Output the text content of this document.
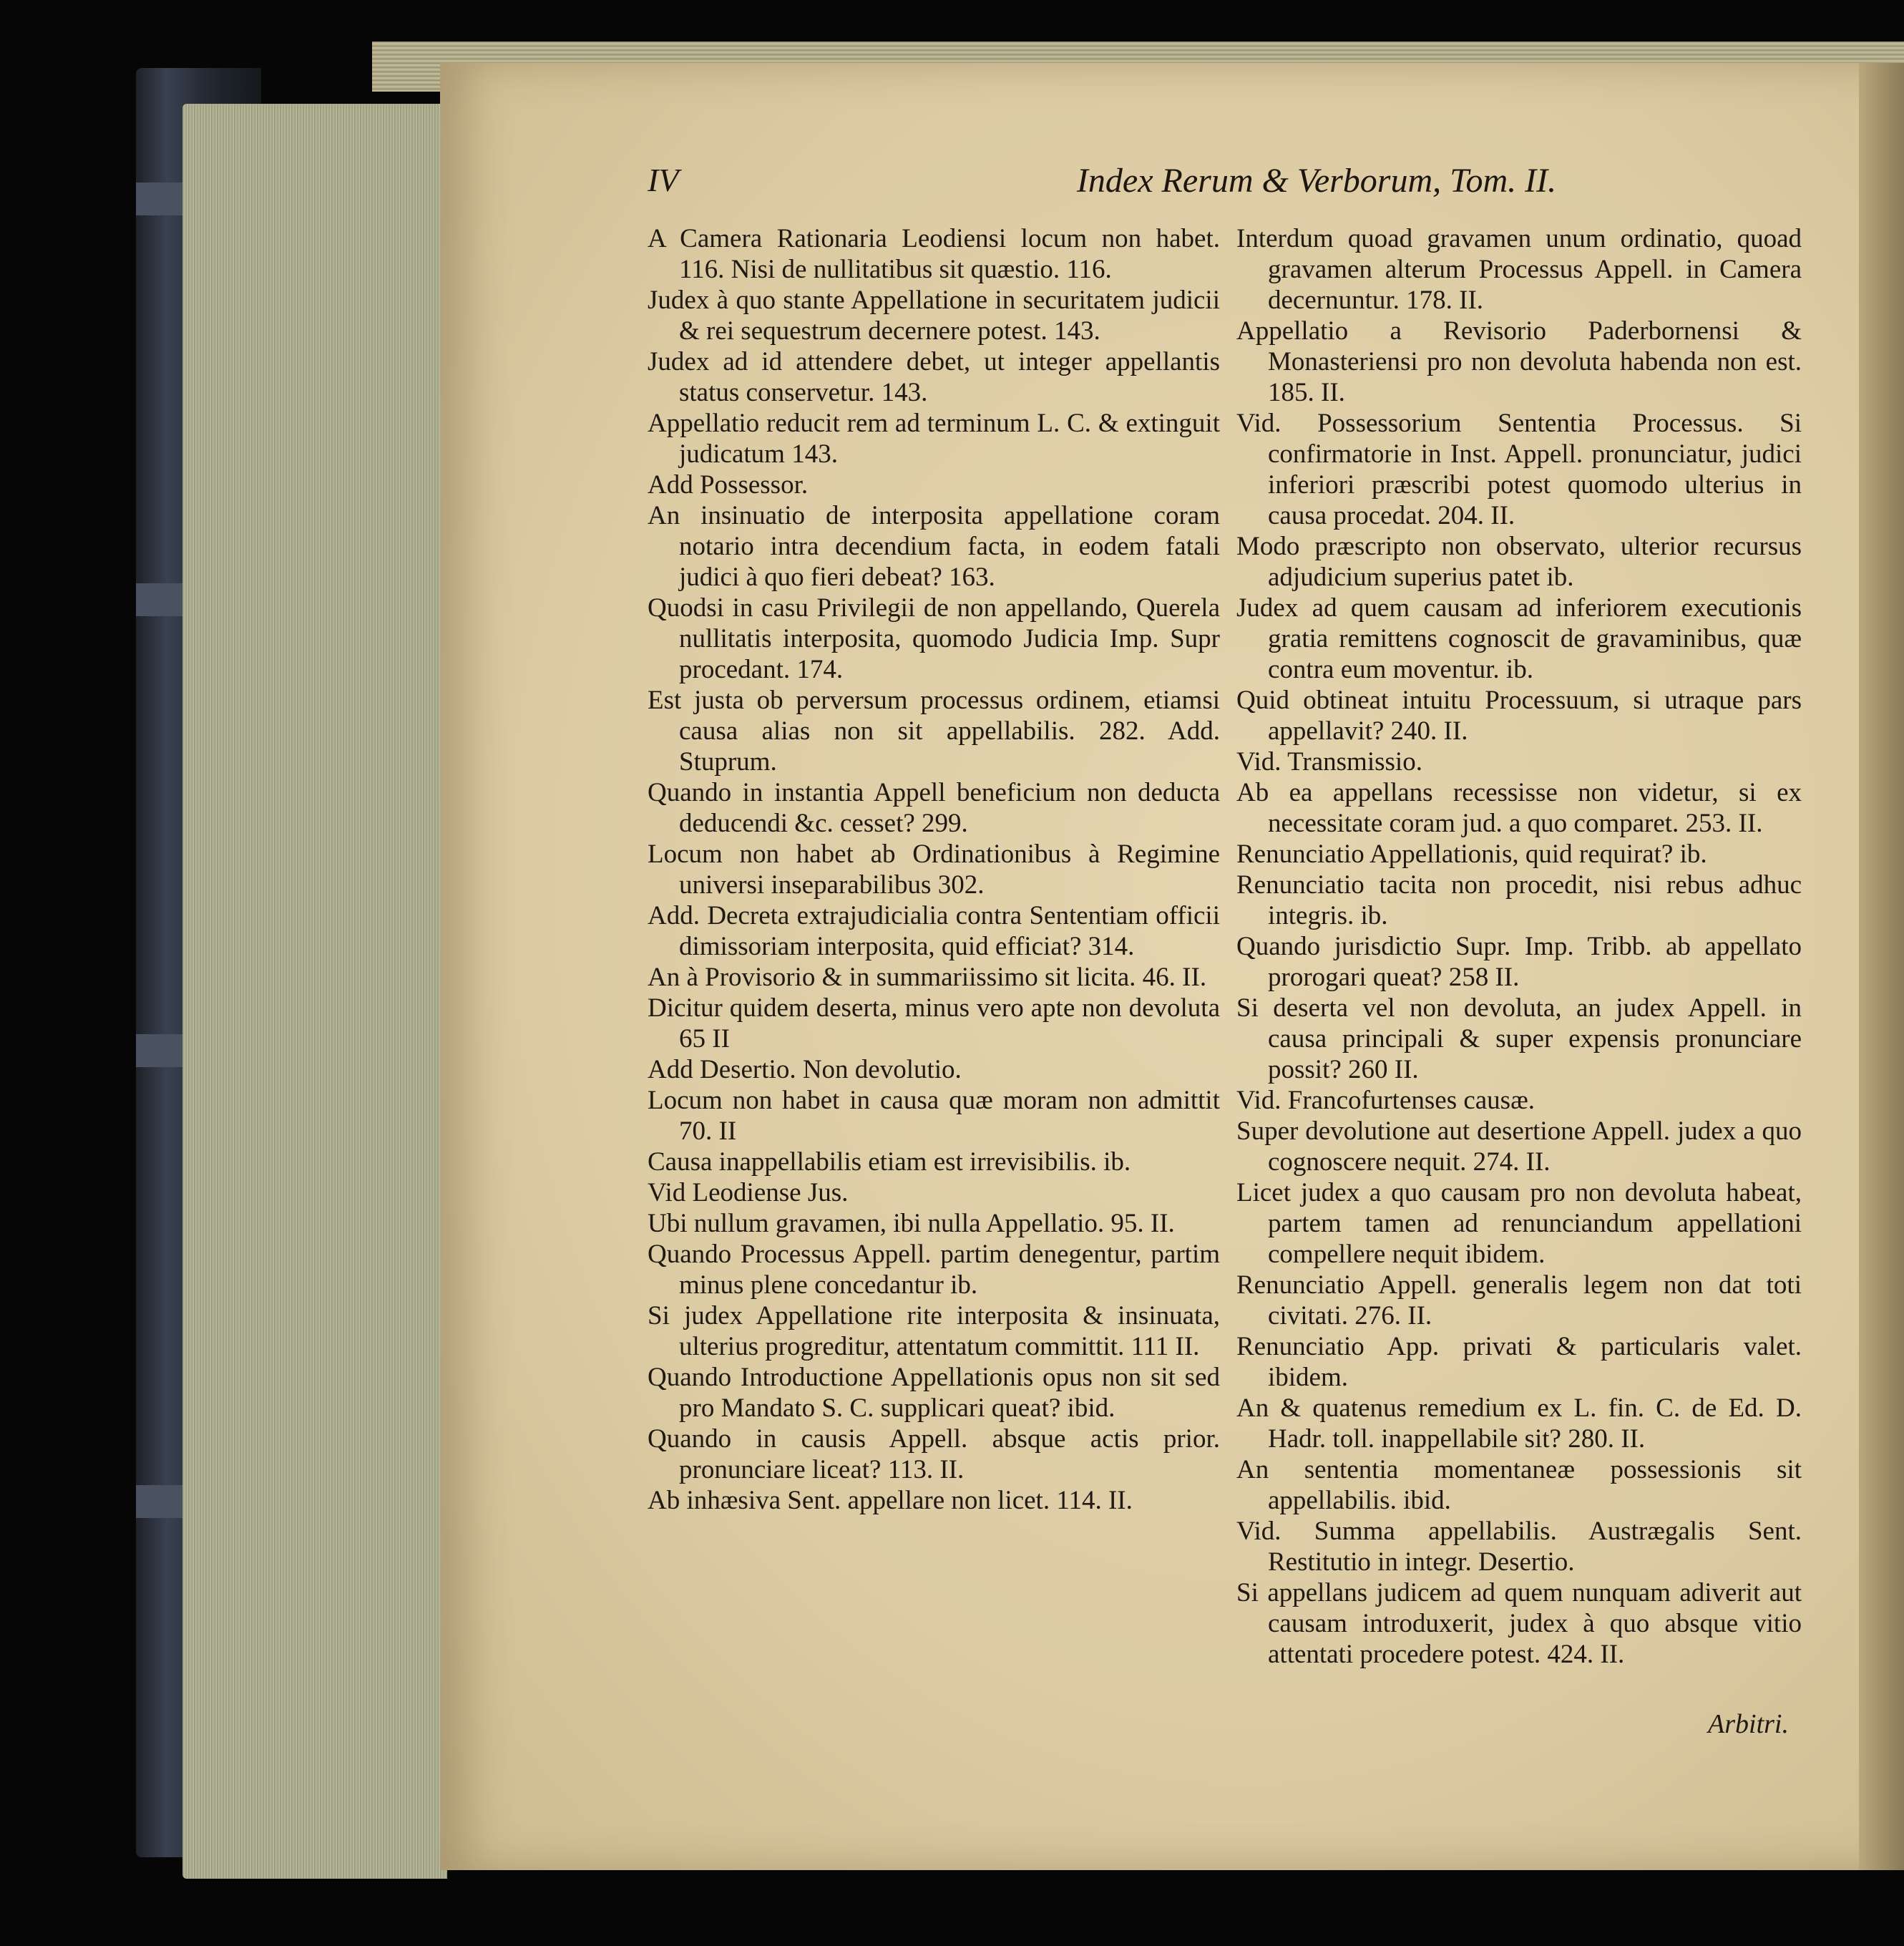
IV	Index Rerum & Verborum, Tom. II.

A Camera Rationaria Leodiensi locum non habet. 116. Nisi de nullitatibus sit quæstio. 116.

Judex à quo stante Appellatione in securitatem judicii & rei sequestrum decernere potest. 143.

Judex ad id attendere debet, ut integer appellantis status conservetur. 143.

Appellatio reducit rem ad terminum L. C. & extinguit judicatum 143.

Add Possessor.

An insinuatio de interposita appellatione coram notario intra decendium facta, in eodem fatali judici à quo fieri debeat? 163.

Quodsi in casu Privilegii de non appellando, Querela nullitatis interposita, quomodo Judicia Imp. Supr procedant. 174.

Est justa ob perversum processus ordinem, etiamsi causa alias non sit appellabilis. 282. Add. Stuprum.

Quando in instantia Appell beneficium non deducta deducendi &c. cesset? 299.

Locum non habet ab Ordinationibus à Regimine universi inseparabilibus 302.

Add. Decreta extrajudicialia contra Sententiam officii dimissoriam interposita, quid efficiat? 314.

An à Provisorio & in summariissimo sit licita. 46. II.

Dicitur quidem deserta, minus vero apte non devoluta 65 II

Add Desertio. Non devolutio.

Locum non habet in causa quæ moram non admittit 70. II

Causa inappellabilis etiam est irrevisibilis. ib.

Vid Leodiense Jus.

Ubi nullum gravamen, ibi nulla Appellatio. 95. II.

Quando Processus Appell. partim denegentur, partim minus plene concedantur ib.

Si judex Appellatione rite interposita & insinuata, ulterius progreditur, attentatum committit. 111 II.

Quando Introductione Appellationis opus non sit sed pro Mandato S. C. supplicari queat? ibid.

Quando in causis Appell. absque actis prior. pronunciare liceat? 113. II.

Ab inhæsiva Sent. appellare non licet. 114. II.

Interdum quoad gravamen unum ordinatio, quoad gravamen alterum Processus Appell. in Camera decernuntur. 178. II.

Appellatio a Revisorio Paderbornensi & Monasteriensi pro non devoluta habenda non est. 185. II.

Vid. Possessorium Sententia Processus. Si confirmatorie in Inst. Appell. pronunciatur, judici inferiori præscribi potest quomodo ulterius in causa procedat. 204. II.

Modo præscripto non observato, ulterior recursus adjudicium superius patet ib.

Judex ad quem causam ad inferiorem executionis gratia remittens cognoscit de gravaminibus, quæ contra eum moventur. ib.

Quid obtineat intuitu Processuum, si utraque pars appellavit? 240. II.

Vid. Transmissio.

Ab ea appellans recessisse non videtur, si ex necessitate coram jud. a quo comparet. 253. II.

Renunciatio Appellationis, quid requirat? ib.

Renunciatio tacita non procedit, nisi rebus adhuc integris. ib.

Quando jurisdictio Supr. Imp. Tribb. ab appellato prorogari queat? 258 II.

Si deserta vel non devoluta, an judex Appell. in causa principali & super expensis pronunciare possit? 260 II.

Vid. Francofurtenses causæ.

Super devolutione aut desertione Appell. judex a quo cognoscere nequit. 274. II.

Licet judex a quo causam pro non devoluta habeat, partem tamen ad renunciandum appellationi compellere nequit ibidem.

Renunciatio Appell. generalis legem non dat toti civitati. 276. II.

Renunciatio App. privati & particularis valet. ibidem.

An & quatenus remedium ex L. fin. C. de Ed. D. Hadr. toll. inappellabile sit? 280. II.

An sententia momentaneæ possessionis sit appellabilis. ibid.

Vid. Summa appellabilis. Austrægalis Sent. Restitutio in integr. Desertio.

Si appellans judicem ad quem nunquam adiverit aut causam introduxerit, judex à quo absque vitio attentati procedere potest. 424. II.

Arbitri.
